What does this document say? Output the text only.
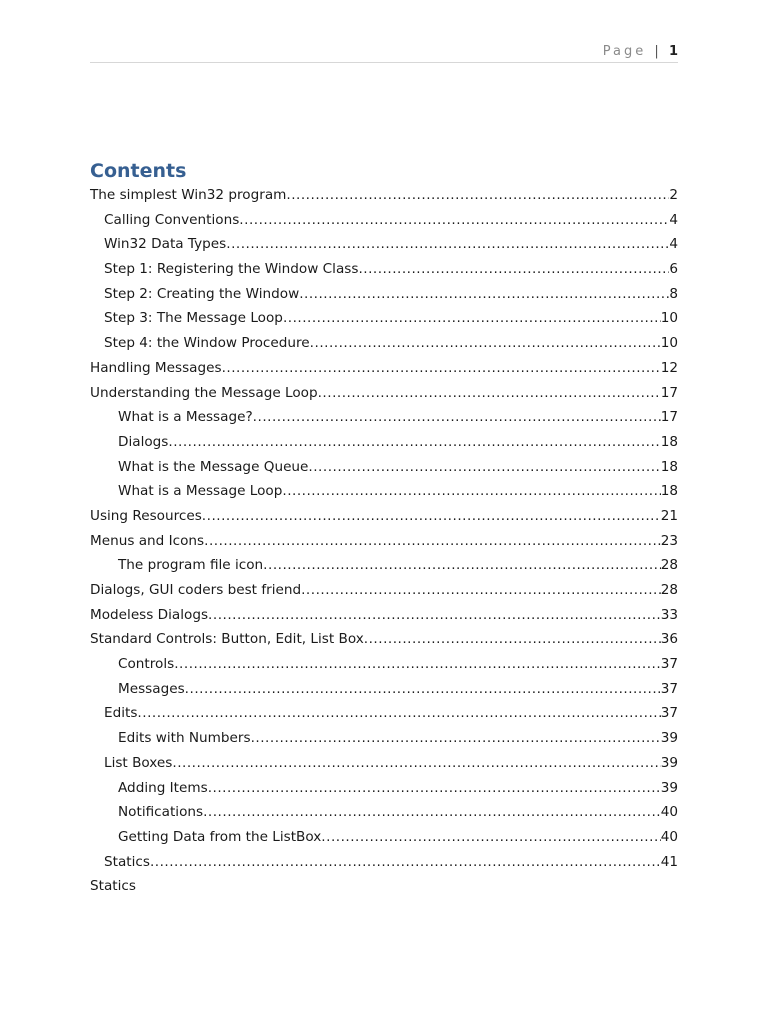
Page | 1
Contents
The simplest Win32 program .....	2
Calling Conventions .....	4
Win32 Data Types .....	4
Step 1: Registering the Window Class .....	6
Step 2: Creating the Window .....	8
Step 3: The Message Loop .....	10
Step 4: the Window Procedure .....	10
Handling Messages .....	12
Understanding the Message Loop .....	17
What is a Message? .....	17
Dialogs .....	18
What is the Message Queue .....	18
What is a Message Loop .....	18
Using Resources .....	21
Menus and Icons .....	23
The program file icon .....	28
Dialogs, GUI coders best friend .....	28
Modeless Dialogs .....	33
Standard Controls: Button, Edit, List Box .....	36
Controls .....	37
Messages .....	37
Edits .....	37
Edits with Numbers .....	39
List Boxes .....	39
Adding Items .....	39
Notifications .....	40
Getting Data from the ListBox .....	40
Statics .....	41
Statics
